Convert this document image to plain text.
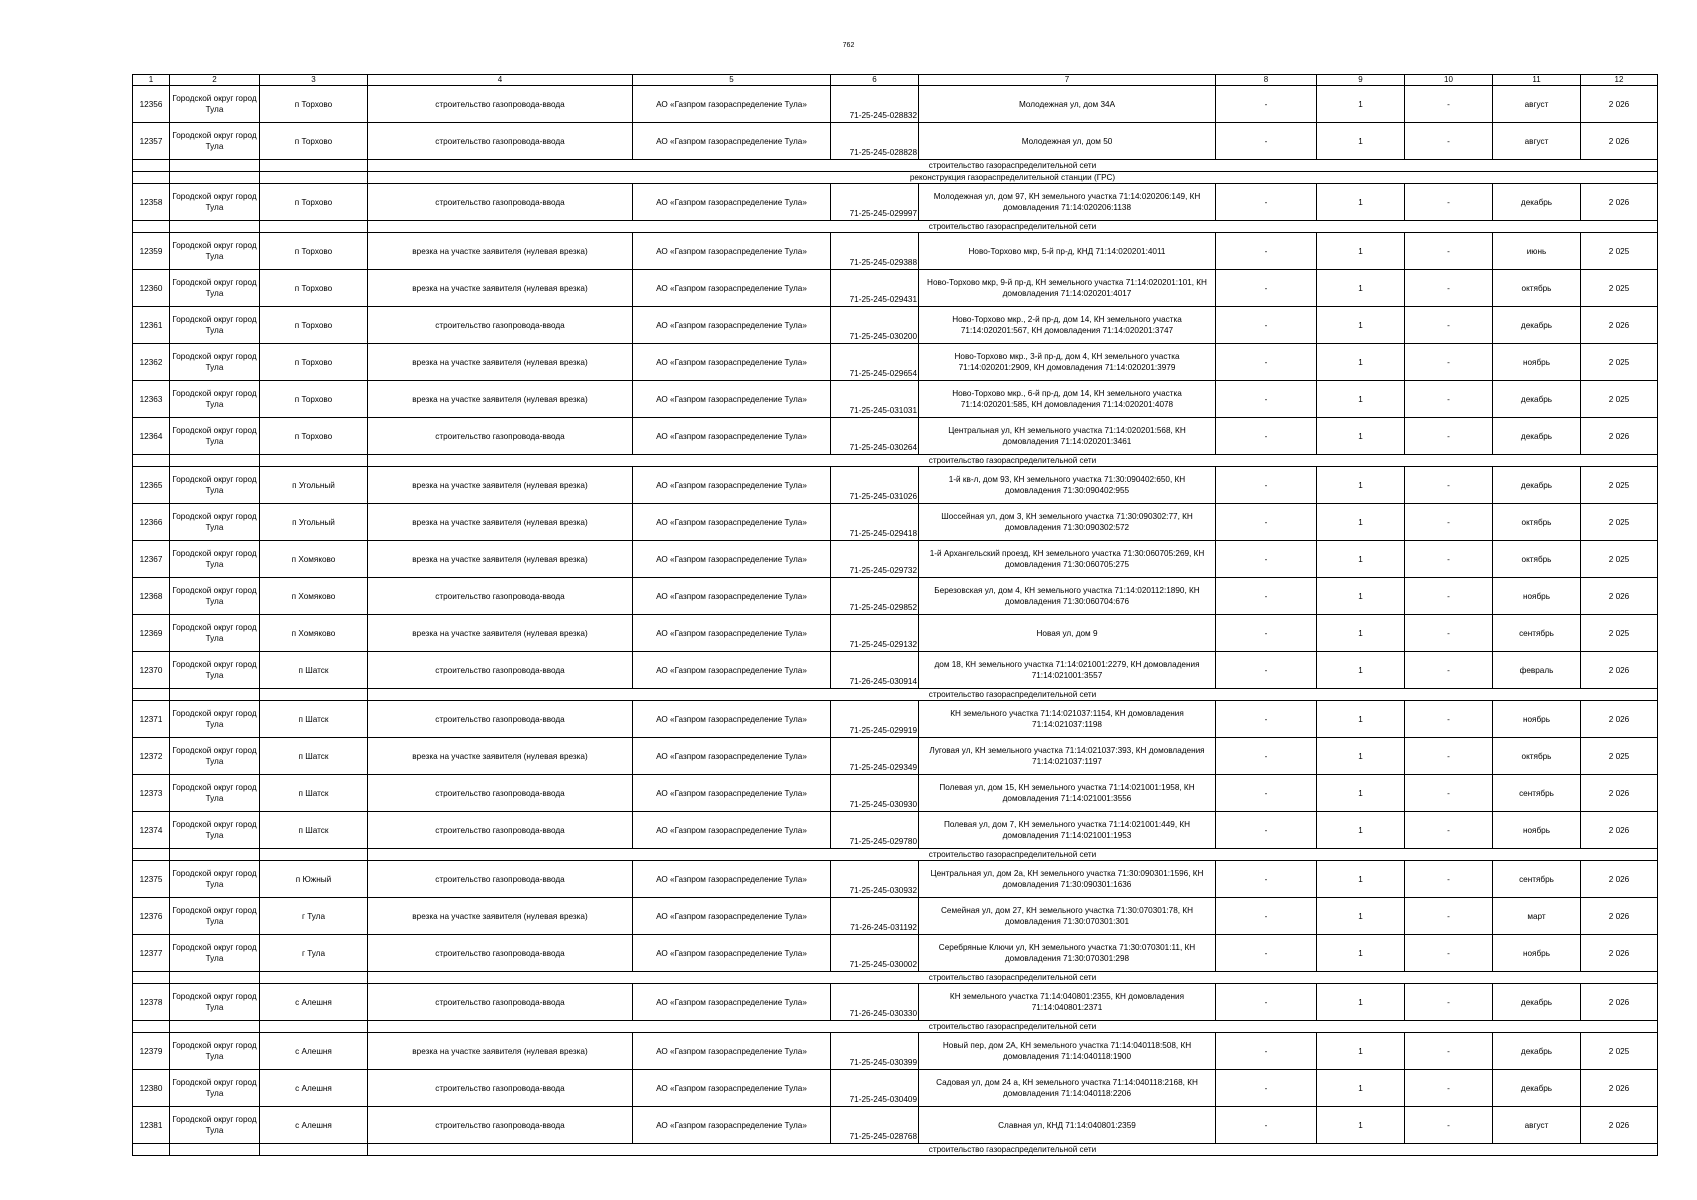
762
1	2	3	4	5	6	7	8	9	10	11	12
12356	Городской округ город Тула	п Торхово	строительство газопровода-ввода	АО «Газпром газораспределение Тула»	71-25-245-028832	Молодежная ул, дом 34А	-	1	-	август	2 026
12357	Городской округ город Тула	п Торхово	строительство газопровода-ввода	АО «Газпром газораспределение Тула»	71-25-245-028828	Молодежная ул, дом 50	-	1	-	август	2 026
			строительство газораспределительной сети								
			реконструкция газораспределительной станции (ГРС)								
12358	Городской округ город Тула	п Торхово	строительство газопровода-ввода	АО «Газпром газораспределение Тула»	71-25-245-029997	Молодежная ул, дом 97, КН земельного участка 71:14:020206:149, КН домовладения 71:14:020206:1138	-	1	-	декабрь	2 026
			строительство газораспределительной сети								
12359	Городской округ город Тула	п Торхово	врезка на участке заявителя (нулевая врезка)	АО «Газпром газораспределение Тула»	71-25-245-029388	Ново-Торхово мкр, 5-й пр-д, КНД 71:14:020201:4011	-	1	-	июнь	2 025
12360	Городской округ город Тула	п Торхово	врезка на участке заявителя (нулевая врезка)	АО «Газпром газораспределение Тула»	71-25-245-029431	Ново-Торхово мкр, 9-й пр-д, КН земельного участка 71:14:020201:101, КН домовладения 71:14:020201:4017	-	1	-	октябрь	2 025
12361	Городской округ город Тула	п Торхово	строительство газопровода-ввода	АО «Газпром газораспределение Тула»	71-25-245-030200	Ново-Торхово мкр., 2-й пр-д, дом 14, КН земельного участка 71:14:020201:567, КН домовладения 71:14:020201:3747	-	1	-	декабрь	2 026
12362	Городской округ город Тула	п Торхово	врезка на участке заявителя (нулевая врезка)	АО «Газпром газораспределение Тула»	71-25-245-029654	Ново-Торхово мкр., 3-й пр-д, дом 4, КН земельного участка 71:14:020201:2909, КН домовладения 71:14:020201:3979	-	1	-	ноябрь	2 025
12363	Городской округ город Тула	п Торхово	врезка на участке заявителя (нулевая врезка)	АО «Газпром газораспределение Тула»	71-25-245-031031	Ново-Торхово мкр., 6-й пр-д, дом 14, КН земельного участка 71:14:020201:585, КН домовладения 71:14:020201:4078	-	1	-	декабрь	2 025
12364	Городской округ город Тула	п Торхово	строительство газопровода-ввода	АО «Газпром газораспределение Тула»	71-25-245-030264	Центральная ул, КН земельного участка 71:14:020201:568, КН домовладения 71:14:020201:3461	-	1	-	декабрь	2 026
			строительство газораспределительной сети								
12365	Городской округ город Тула	п Угольный	врезка на участке заявителя (нулевая врезка)	АО «Газпром газораспределение Тула»	71-25-245-031026	1-й кв-л, дом 93, КН земельного участка 71:30:090402:650, КН домовладения 71:30:090402:955	-	1	-	декабрь	2 025
12366	Городской округ город Тула	п Угольный	врезка на участке заявителя (нулевая врезка)	АО «Газпром газораспределение Тула»	71-25-245-029418	Шоссейная ул, дом 3, КН земельного участка 71:30:090302:77, КН домовладения 71:30:090302:572	-	1	-	октябрь	2 025
12367	Городской округ город Тула	п Хомяково	врезка на участке заявителя (нулевая врезка)	АО «Газпром газораспределение Тула»	71-25-245-029732	1-й Архангельский проезд, КН земельного участка 71:30:060705:269, КН домовладения 71:30:060705:275	-	1	-	октябрь	2 025
12368	Городской округ город Тула	п Хомяково	строительство газопровода-ввода	АО «Газпром газораспределение Тула»	71-25-245-029852	Березовская ул, дом 4, КН земельного участка 71:14:020112:1890, КН домовладения 71:30:060704:676	-	1	-	ноябрь	2 026
12369	Городской округ город Тула	п Хомяково	врезка на участке заявителя (нулевая врезка)	АО «Газпром газораспределение Тула»	71-25-245-029132	Новая ул, дом 9	-	1	-	сентябрь	2 025
12370	Городской округ город Тула	п Шатск	строительство газопровода-ввода	АО «Газпром газораспределение Тула»	71-26-245-030914	дом 18, КН земельного участка 71:14:021001:2279, КН домовладения 71:14:021001:3557	-	1	-	февраль	2 026
			строительство газораспределительной сети								
12371	Городской округ город Тула	п Шатск	строительство газопровода-ввода	АО «Газпром газораспределение Тула»	71-25-245-029919	КН земельного участка 71:14:021037:1154, КН домовладения 71:14:021037:1198	-	1	-	ноябрь	2 026
12372	Городской округ город Тула	п Шатск	врезка на участке заявителя (нулевая врезка)	АО «Газпром газораспределение Тула»	71-25-245-029349	Луговая ул, КН земельного участка 71:14:021037:393, КН домовладения 71:14:021037:1197	-	1	-	октябрь	2 025
12373	Городской округ город Тула	п Шатск	строительство газопровода-ввода	АО «Газпром газораспределение Тула»	71-25-245-030930	Полевая ул, дом 15, КН земельного участка 71:14:021001:1958, КН домовладения 71:14:021001:3556	-	1	-	сентябрь	2 026
12374	Городской округ город Тула	п Шатск	строительство газопровода-ввода	АО «Газпром газораспределение Тула»	71-25-245-029780	Полевая ул, дом 7, КН земельного участка 71:14:021001:449, КН домовладения 71:14:021001:1953	-	1	-	ноябрь	2 026
			строительство газораспределительной сети								
12375	Городской округ город Тула	п Южный	строительство газопровода-ввода	АО «Газпром газораспределение Тула»	71-25-245-030932	Центральная ул, дом 2а, КН земельного участка 71:30:090301:1596, КН домовладения 71:30:090301:1636	-	1	-	сентябрь	2 026
12376	Городской округ город Тула	г Тула	врезка на участке заявителя (нулевая врезка)	АО «Газпром газораспределение Тула»	71-26-245-031192	Семейная ул, дом 27, КН земельного участка 71:30:070301:78, КН домовладения 71:30:070301:301	-	1	-	март	2 026
12377	Городской округ город Тула	г Тула	строительство газопровода-ввода	АО «Газпром газораспределение Тула»	71-25-245-030002	Серебряные Ключи ул, КН земельного участка 71:30:070301:11, КН домовладения 71:30:070301:298	-	1	-	ноябрь	2 026
			строительство газораспределительной сети								
12378	Городской округ город Тула	с Алешня	строительство газопровода-ввода	АО «Газпром газораспределение Тула»	71-26-245-030330	КН земельного участка 71:14:040801:2355, КН домовладения 71:14:040801:2371	-	1	-	декабрь	2 026
			строительство газораспределительной сети								
12379	Городской округ город Тула	с Алешня	врезка на участке заявителя (нулевая врезка)	АО «Газпром газораспределение Тула»	71-25-245-030399	Новый пер, дом 2А, КН земельного участка 71:14:040118:508, КН домовладения 71:14:040118:1900	-	1	-	декабрь	2 025
12380	Городской округ город Тула	с Алешня	строительство газопровода-ввода	АО «Газпром газораспределение Тула»	71-25-245-030409	Садовая ул, дом 24 а, КН земельного участка 71:14:040118:2168, КН домовладения 71:14:040118:2206	-	1	-	декабрь	2 026
12381	Городской округ город Тула	с Алешня	строительство газопровода-ввода	АО «Газпром газораспределение Тула»	71-25-245-028768	Славная ул, КНД 71:14:040801:2359	-	1	-	август	2 026
			строительство газораспределительной сети								
